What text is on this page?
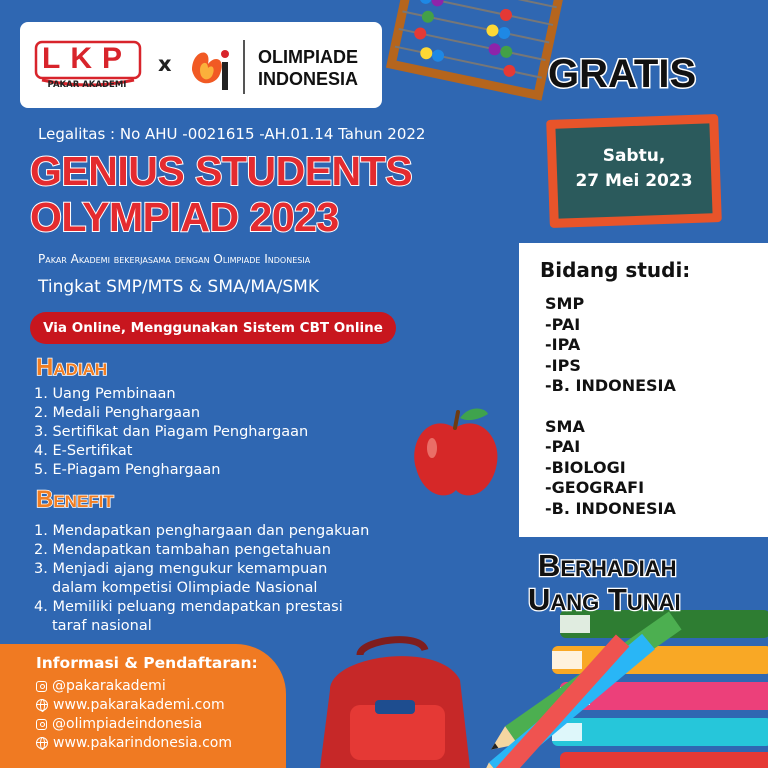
LKP
PAKAR AKADEMI
x	OLIMPIADE
INDONESIA
Legalitas : No AHU -0021615 -AH.01.14 Tahun 2022
GENIUS STUDENTS
OLYMPIAD 2023
Pakar Akademi bekerjasama dengan Olimpiade Indonesia
Tingkat SMP/MTS & SMA/MA/SMK
Via Online, Menggunakan Sistem CBT Online
Hadiah
1. Uang Pembinaan
2. Medali Penghargaan
3. Sertifikat dan Piagam Penghargaan
4. E-Sertifikat
5. E-Piagam Penghargaan
Benefit
1. Mendapatkan penghargaan dan pengakuan
2. Mendapatkan tambahan pengetahuan
3. Menjadi ajang mengukur kemampuan
dalam kompetisi Olimpiade Nasional
4. Memiliki peluang mendapatkan prestasi
taraf nasional
GRATIS
Sabtu,
27 Mei 2023
Bidang studi:
SMP
-PAI
-IPA
-IPS
-B. INDONESIA
SMA
-PAI
-BIOLOGI
-GEOGRAFI
-B. INDONESIA
Berhadiah
Uang Tunai
Informasi & Pendaftaran:
@pakarakademi
www.pakarakademi.com
@olimpiadeindonesia
www.pakarindonesia.com
